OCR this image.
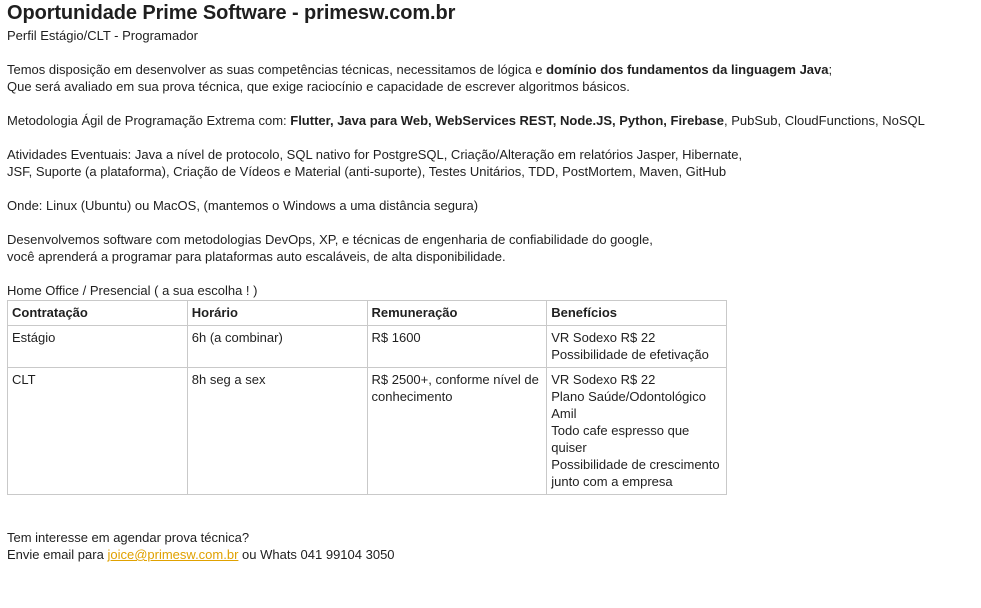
Oportunidade Prime Software - primesw.com.br

Perfil Estágio/CLT - Programador

Temos disposição em desenvolver as suas competências técnicas, necessitamos de lógica e domínio dos fundamentos da linguagem Java;

Que será avaliado em sua prova técnica, que exige raciocínio e capacidade de escrever algoritmos básicos.

Metodologia Ágil de Programação Extrema com: Flutter, Java para Web, WebServices REST, Node.JS, Python, Firebase, PubSub, CloudFunctions, NoSQL

Atividades Eventuais: Java a nível de protocolo, SQL nativo for PostgreSQL, Criação/Alteração em relatórios Jasper, Hibernate,

JSF, Suporte (a plataforma), Criação de Vídeos e Material (anti-suporte), Testes Unitários, TDD, PostMortem, Maven, GitHub

Onde: Linux (Ubuntu) ou MacOS, (mantemos o Windows a uma distância segura)

Desenvolvemos software com metodologias DevOps, XP, e técnicas de engenharia de confiabilidade do google,

você aprenderá a programar para plataformas auto escaláveis, de alta disponibilidade.

Home Office / Presencial ( a sua escolha ! )

Contratação	Horário	Remuneração	Benefícios
Estágio	6h (a combinar)	R$ 1600	VR Sodexo R$ 22
Possibilidade de efetivação

CLT	8h seg a sex	R$ 2500+, conforme nível de conhecimento	VR Sodexo R$ 22
Plano Saúde/Odontológico Amil
Todo cafe espresso que quiser
Possibilidade de crescimento junto com a empresa

Tem interesse em agendar prova técnica?

Envie email para joice@primesw.com.br ou Whats 041 99104 3050
